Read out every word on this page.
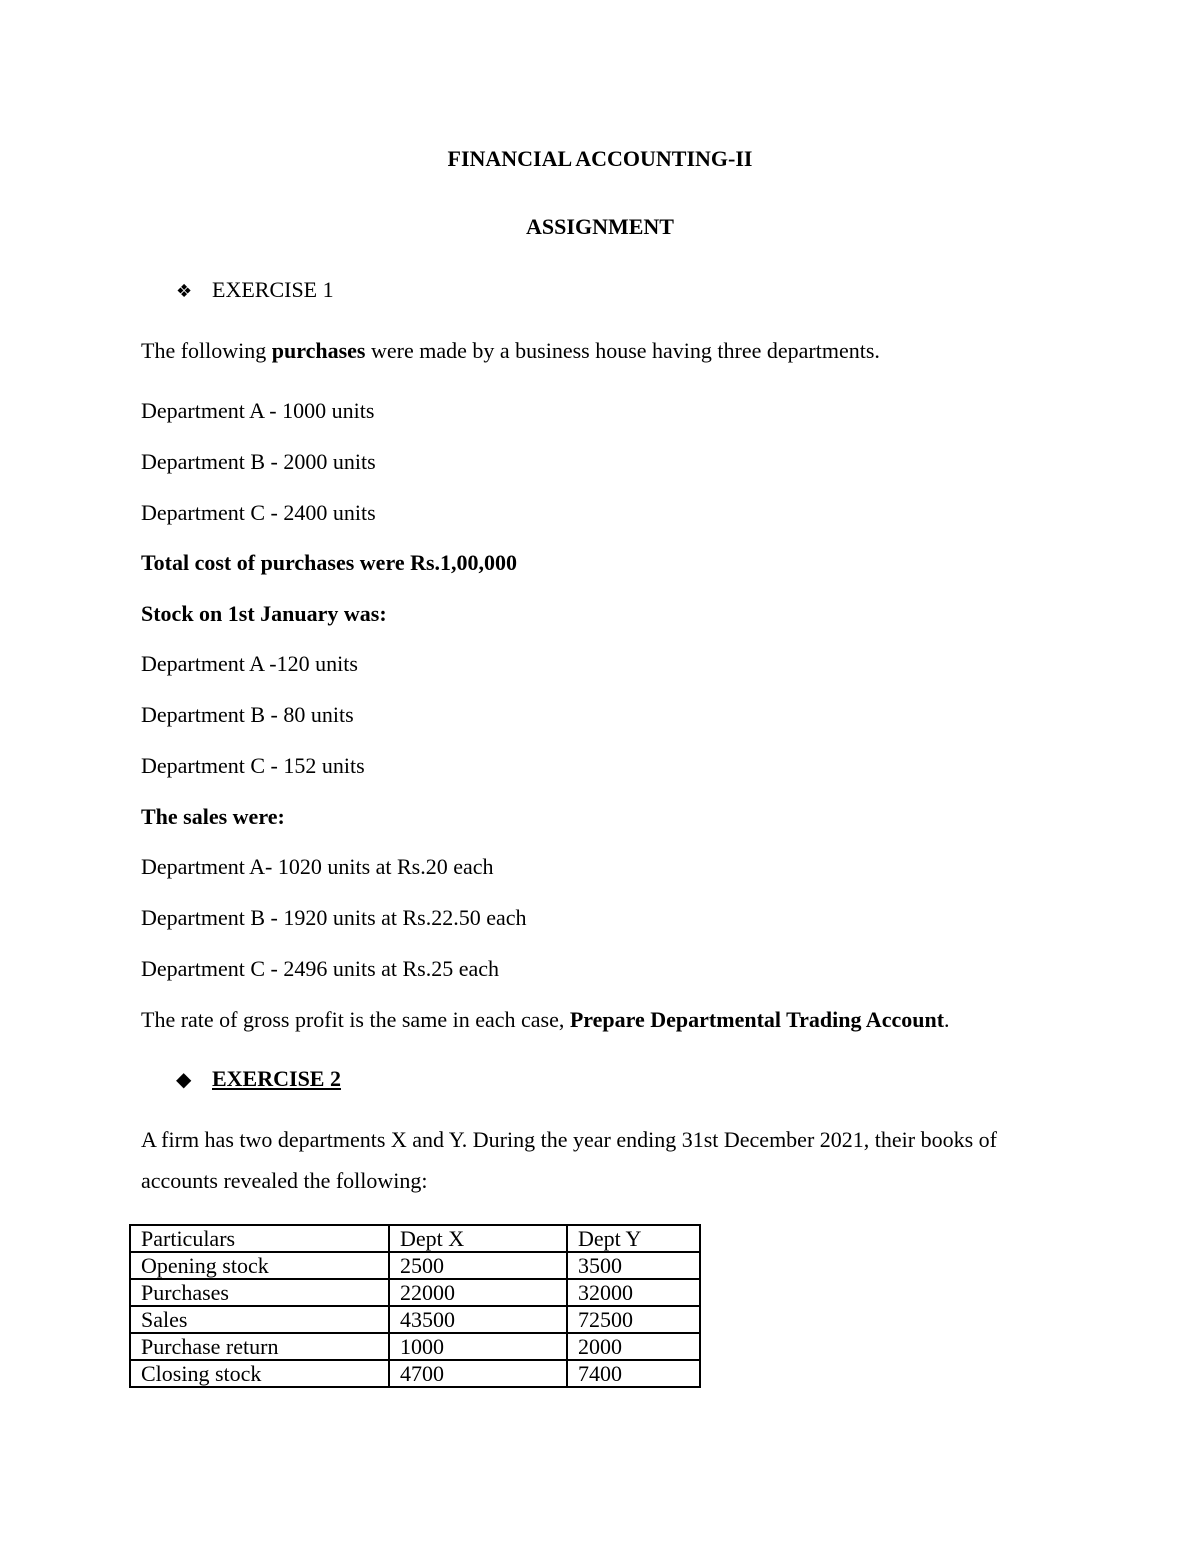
FINANCIAL ACCOUNTING-II
ASSIGNMENT
❖ EXERCISE 1
The following purchases were made by a business house having three departments.
Department A - 1000 units
Department B - 2000 units
Department C - 2400 units
Total cost of purchases were Rs.1,00,000
Stock on 1st January was:
Department A -120 units
Department B - 80 units
Department C - 152 units
The sales were:
Department A- 1020 units at Rs.20 each
Department B - 1920 units at Rs.22.50 each
Department C - 2496 units at Rs.25 each
The rate of gross profit is the same in each case, Prepare Departmental Trading Account.
◆ EXERCISE 2
A firm has two departments X and Y. During the year ending 31st December 2021, their books of
accounts revealed the following:
Particulars	Dept X	Dept Y
Opening stock	2500	3500
Purchases	22000	32000
Sales	43500	72500
Purchase return	1000	2000
Closing stock	4700	7400
